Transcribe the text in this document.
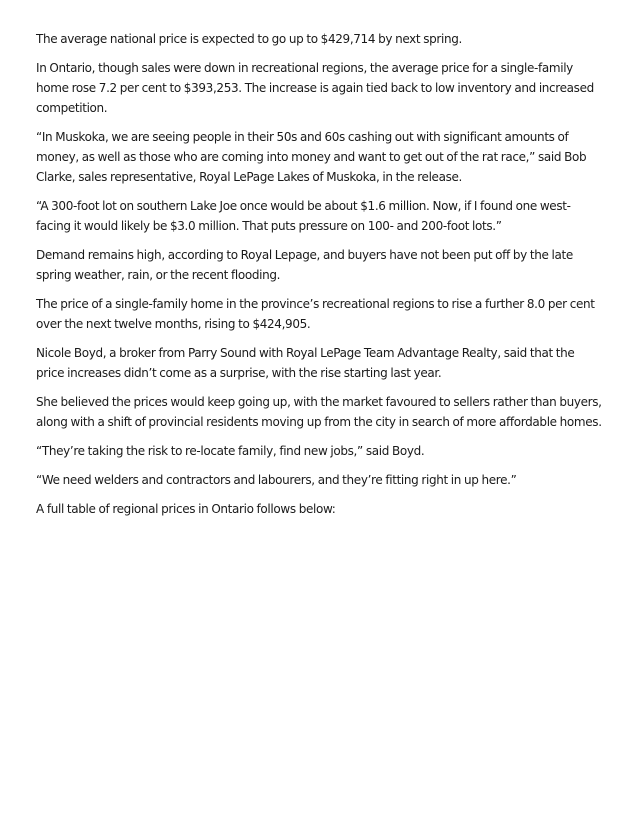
The average national price is expected to go up to $429,714 by next spring.

In Ontario, though sales were down in recreational regions, the average price for a single-family home rose 7.2 per cent to $393,253. The increase is again tied back to low inventory and increased competition.

“In Muskoka, we are seeing people in their 50s and 60s cashing out with significant amounts of money, as well as those who are coming into money and want to get out of the rat race,” said Bob Clarke, sales representative, Royal LePage Lakes of Muskoka, in the release.

“A 300-foot lot on southern Lake Joe once would be about $1.6 million. Now, if I found one west-facing it would likely be $3.0 million. That puts pressure on 100- and 200-foot lots.”

Demand remains high, according to Royal Lepage, and buyers have not been put off by the late spring weather, rain, or the recent flooding.

The price of a single-family home in the province’s recreational regions to rise a further 8.0 per cent over the next twelve months, rising to $424,905.

Nicole Boyd, a broker from Parry Sound with Royal LePage Team Advantage Realty, said that the price increases didn’t come as a surprise, with the rise starting last year.

She believed the prices would keep going up, with the market favoured to sellers rather than buyers, along with a shift of provincial residents moving up from the city in search of more affordable homes.

“They’re taking the risk to re-locate family, find new jobs,” said Boyd.

“We need welders and contractors and labourers, and they’re fitting right in up here.”

A full table of regional prices in Ontario follows below:
